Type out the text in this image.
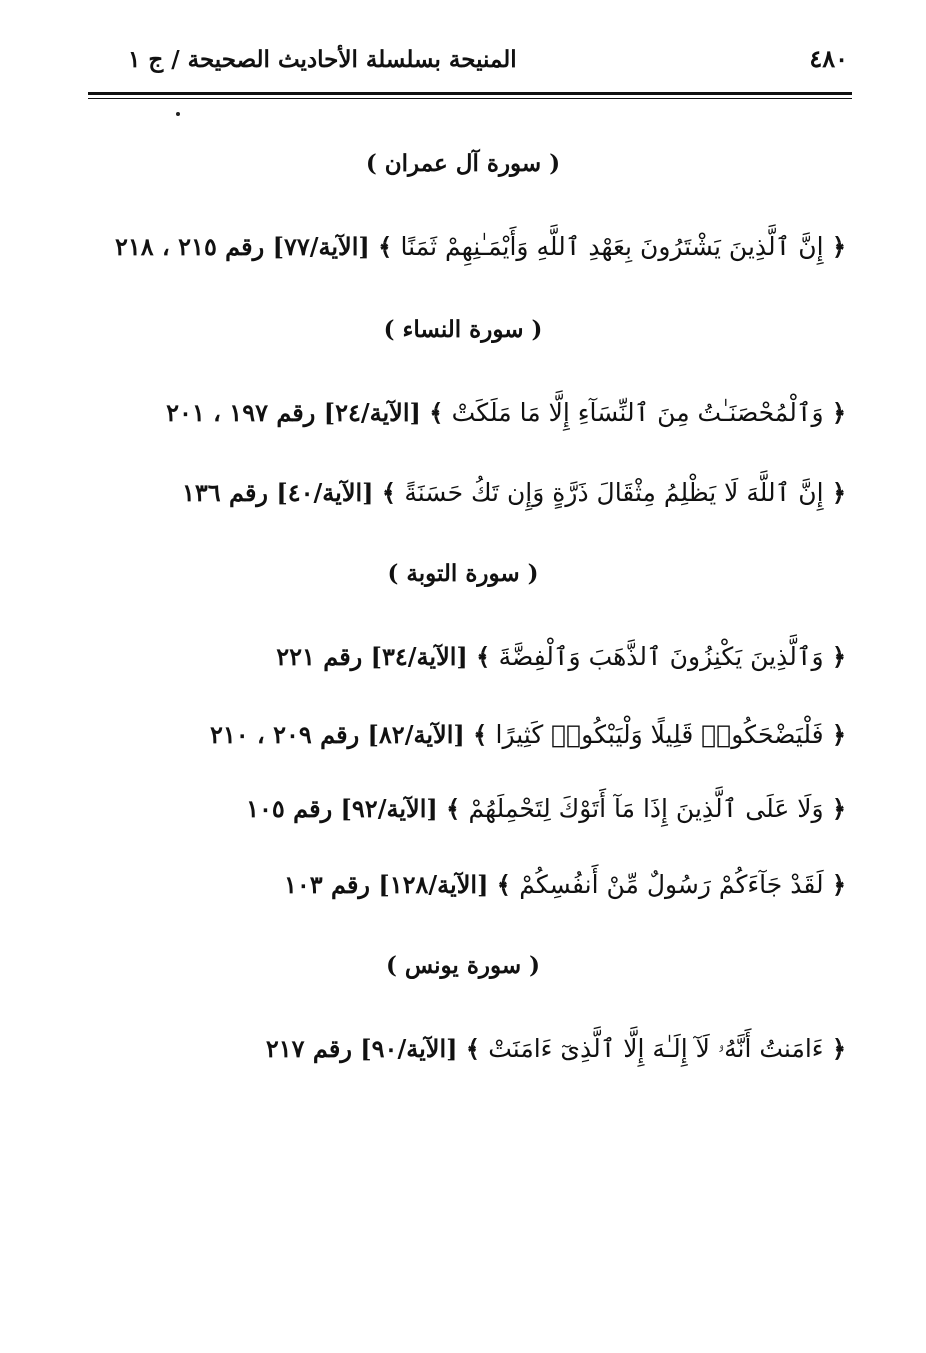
المنيحة بسلسلة الأحاديث الصحيحة / ج ١	٤٨٠
( سورة آل عمران )
﴿ إِنَّ ٱلَّذِينَ يَشْتَرُونَ بِعَهْدِ ٱللَّهِ وَأَيْمَـٰنِهِمْ ثَمَنًا ﴾ [الآية/٧٧] رقم ٢١٥ ، ٢١٨
( سورة النساء )
﴿ وَٱلْمُحْصَنَـٰتُ مِنَ ٱلنِّسَآءِ إِلَّا مَا مَلَكَتْ ﴾ [الآية/٢٤] رقم ١٩٧ ، ٢٠١
﴿ إِنَّ ٱللَّهَ لَا يَظْلِمُ مِثْقَالَ ذَرَّةٍ وَإِن تَكُ حَسَنَةً ﴾ [الآية/٤٠] رقم ١٣٦
( سورة التوبة )
﴿ وَٱلَّذِينَ يَكْنِزُونَ ٱلذَّهَبَ وَٱلْفِضَّةَ ﴾ [الآية/٣٤] رقم ٢٢١
﴿ فَلْيَضْحَكُوا۟ قَلِيلًا وَلْيَبْكُوا۟ كَثِيرًا ﴾ [الآية/٨٢] رقم ٢٠٩ ، ٢١٠
﴿ وَلَا عَلَى ٱلَّذِينَ إِذَا مَآ أَتَوْكَ لِتَحْمِلَهُمْ ﴾ [الآية/٩٢] رقم ١٠٥
﴿ لَقَدْ جَآءَكُمْ رَسُولٌ مِّنْ أَنفُسِكُمْ ﴾ [الآية/١٢٨] رقم ١٠٣
( سورة يونس )
﴿ ءَامَنتُ أَنَّهُۥ لَآ إِلَـٰهَ إِلَّا ٱلَّذِىٓ ءَامَنَتْ ﴾ [الآية/٩٠] رقم ٢١٧
